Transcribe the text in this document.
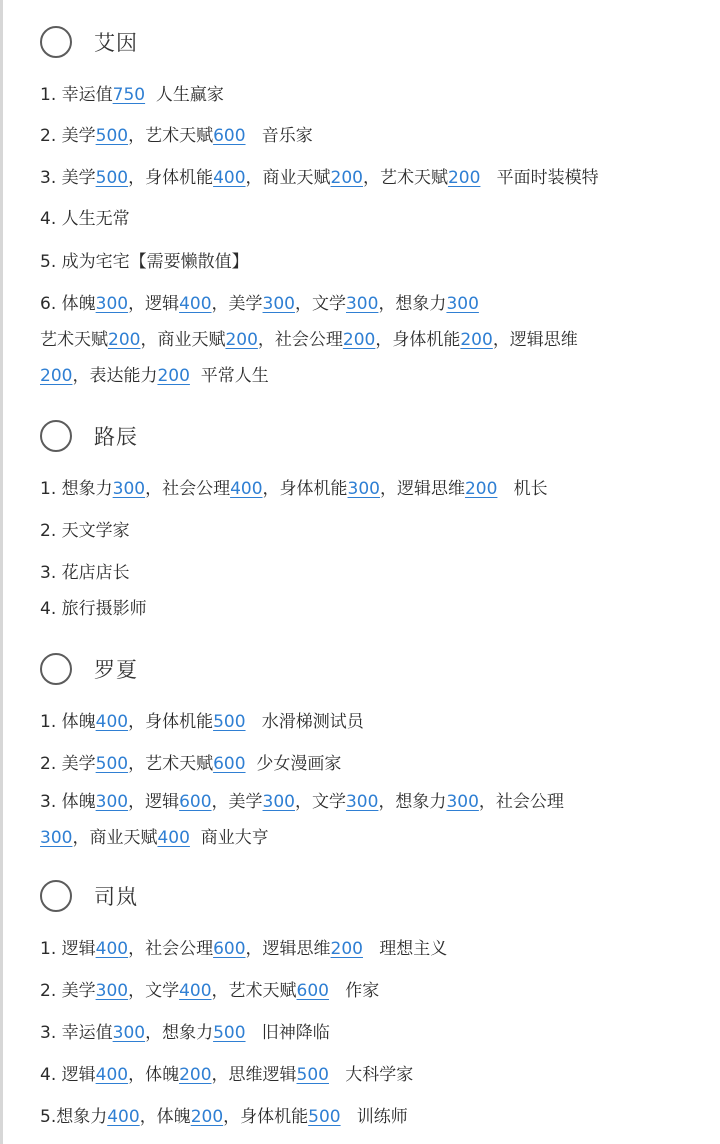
艾因
1. 幸运值750  人生赢家
2. 美学500，艺术天赋600   音乐家
3. 美学500，身体机能400，商业天赋200，艺术天赋200   平面时装模特
4. 人生无常
5. 成为宅宅【需要懒散值】
6. 体魄300，逻辑400，美学300，文学300，想象力300
艺术天赋200，商业天赋200，社会公理200，身体机能200，逻辑思维200，表达能力200  平常人生
路辰
1. 想象力300，社会公理400，身体机能300，逻辑思维200   机长
2. 天文学家
3. 花店店长
4. 旅行摄影师
罗夏
1. 体魄400，身体机能500   水滑梯测试员
2. 美学500，艺术天赋600  少女漫画家
3. 体魄300，逻辑600，美学300，文学300，想象力300，社会公理300，商业天赋400  商业大亨
司岚
1. 逻辑400，社会公理600，逻辑思维200   理想主义
2. 美学300，文学400，艺术天赋600   作家
3. 幸运值300，想象力500   旧神降临
4. 逻辑400，体魄200，思维逻辑500   大科学家
5.想象力400，体魄200，身体机能500   训练师
